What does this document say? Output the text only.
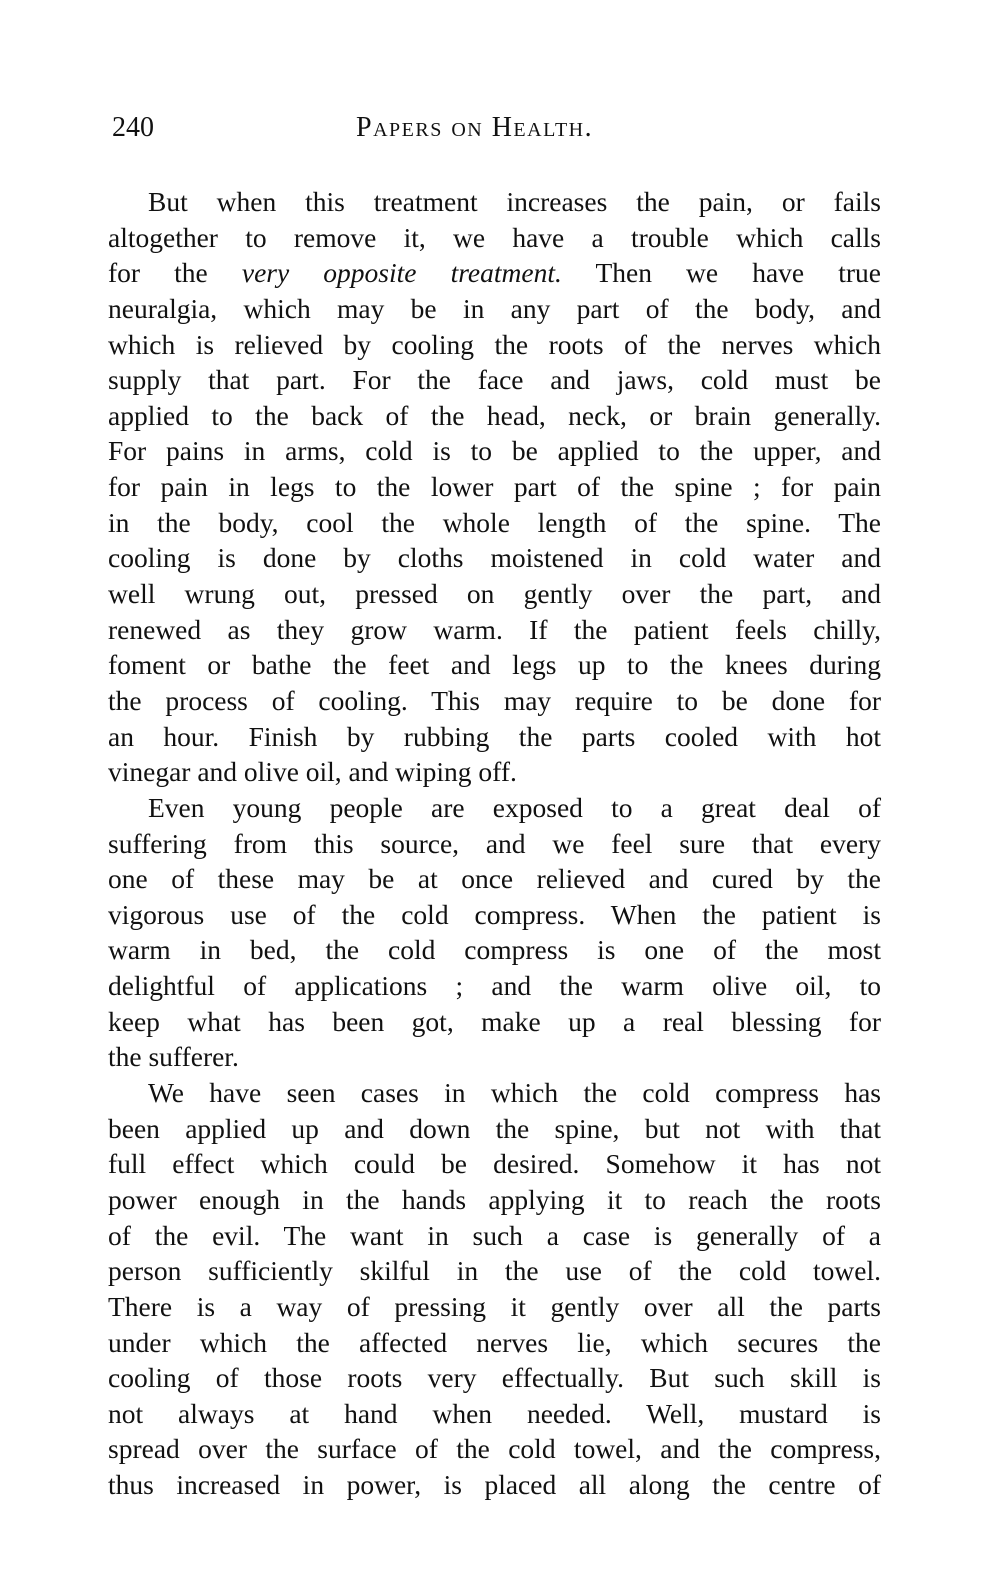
240	Papers on Health.
But when this treatment increases the pain, or fails
altogether to remove it, we have a trouble which calls
for the very opposite treatment. Then we have true
neuralgia, which may be in any part of the body, and
which is relieved by cooling the roots of the nerves which
supply that part. For the face and jaws, cold must be
applied to the back of the head, neck, or brain generally.
For pains in arms, cold is to be applied to the upper, and
for pain in legs to the lower part of the spine ; for pain
in the body, cool the whole length of the spine. The
cooling is done by cloths moistened in cold water and
well wrung out, pressed on gently over the part, and
renewed as they grow warm. If the patient feels chilly,
foment or bathe the feet and legs up to the knees during
the process of cooling. This may require to be done for
an hour. Finish by rubbing the parts cooled with hot
vinegar and olive oil, and wiping off.
Even young people are exposed to a great deal of
suffering from this source, and we feel sure that every
one of these may be at once relieved and cured by the
vigorous use of the cold compress. When the patient is
warm in bed, the cold compress is one of the most
delightful of applications ; and the warm olive oil, to
keep what has been got, make up a real blessing for
the sufferer.
We have seen cases in which the cold compress has
been applied up and down the spine, but not with that
full effect which could be desired. Somehow it has not
power enough in the hands applying it to reach the roots
of the evil. The want in such a case is generally of a
person sufficiently skilful in the use of the cold towel.
There is a way of pressing it gently over all the parts
under which the affected nerves lie, which secures the
cooling of those roots very effectually. But such skill is
not always at hand when needed. Well, mustard is
spread over the surface of the cold towel, and the compress,
thus increased in power, is placed all along the centre of
